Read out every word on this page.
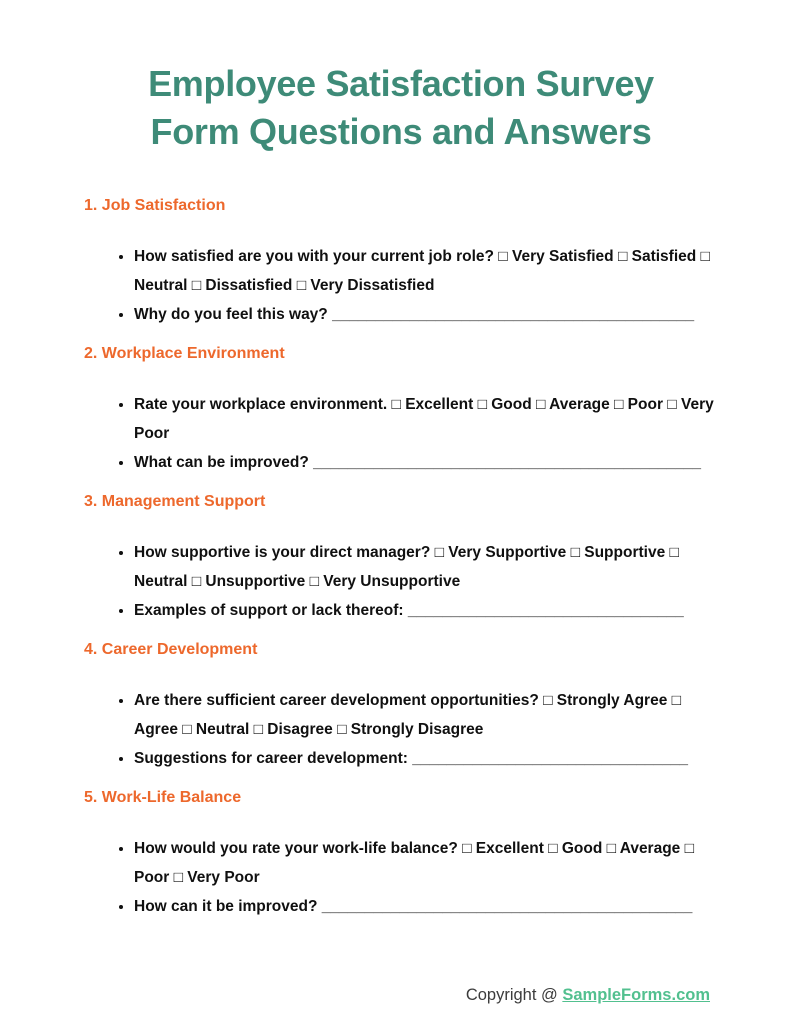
Employee Satisfaction Survey
Form Questions and Answers
1. Job Satisfaction
• How satisfied are you with your current job role? □ Very Satisfied □ Satisfied □ Neutral □ Dissatisfied □ Very Dissatisfied
• Why do you feel this way? __________________________________________
2. Workplace Environment
• Rate your workplace environment. □ Excellent □ Good □ Average □ Poor □ Very Poor
• What can be improved? _____________________________________________
3. Management Support
• How supportive is your direct manager? □ Very Supportive □ Supportive □ Neutral □ Unsupportive □ Very Unsupportive
• Examples of support or lack thereof: ________________________________
4. Career Development
• Are there sufficient career development opportunities? □ Strongly Agree □ Agree □ Neutral □ Disagree □ Strongly Disagree
• Suggestions for career development: ________________________________
5. Work-Life Balance
• How would you rate your work-life balance? □ Excellent □ Good □ Average □ Poor □ Very Poor
• How can it be improved? ___________________________________________
Copyright @ SampleForms.com
